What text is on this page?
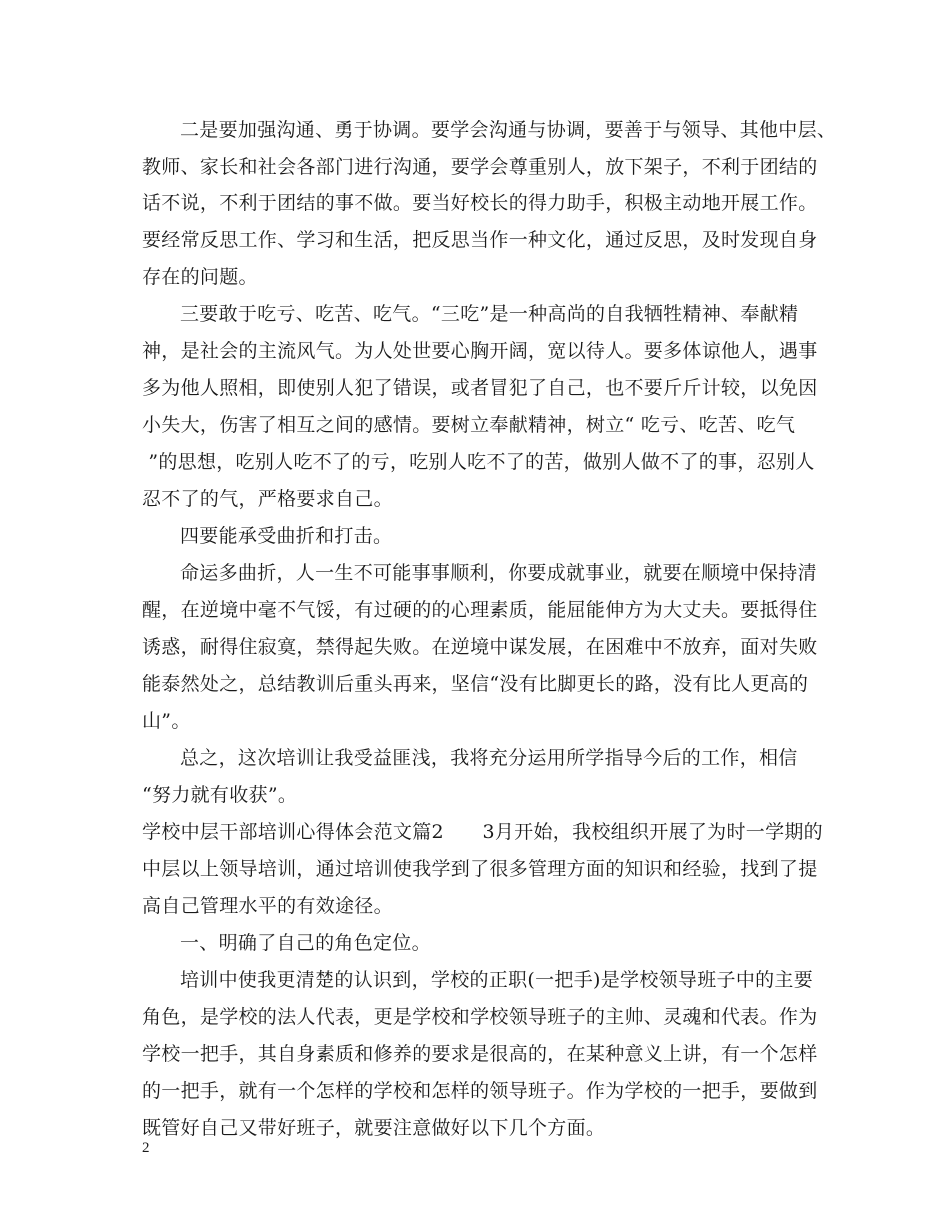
二是要加强沟通、勇于协调。要学会沟通与协调，要善于与领导、其他中层、
教师、家长和社会各部门进行沟通，要学会尊重别人，放下架子，不利于团结的
话不说，不利于团结的事不做。要当好校长的得力助手，积极主动地开展工作。
要经常反思工作、学习和生活，把反思当作一种文化，通过反思，及时发现自身
存在的问题。
三要敢于吃亏、吃苦、吃气。“三吃”是一种高尚的自我牺牲精神、奉献精
神，是社会的主流风气。为人处世要心胸开阔，宽以待人。要多体谅他人，遇事
多为他人照相，即使别人犯了错误，或者冒犯了自己，也不要斤斤计较，以免因
小失大，伤害了相互之间的感情。要树立奉献精神，树立“ 吃亏、吃苦、吃气
”的思想，吃别人吃不了的亏，吃别人吃不了的苦，做别人做不了的事，忍别人
忍不了的气，严格要求自己。
四要能承受曲折和打击。
命运多曲折，人一生不可能事事顺利，你要成就事业，就要在顺境中保持清
醒，在逆境中毫不气馁，有过硬的的心理素质，能屈能伸方为大丈夫。要抵得住
诱惑，耐得住寂寞，禁得起失败。在逆境中谋发展，在困难中不放弃，面对失败
能泰然处之，总结教训后重头再来，坚信“没有比脚更长的路，没有比人更高的
山”。
总之，这次培训让我受益匪浅，我将充分运用所学指导今后的工作，相信
“努力就有收获”。
学校中层干部培训心得体会范文篇2　　3月开始，我校组织开展了为时一学期的
中层以上领导培训，通过培训使我学到了很多管理方面的知识和经验，找到了提
高自己管理水平的有效途径。
一、明确了自己的角色定位。
培训中使我更清楚的认识到，学校的正职(一把手)是学校领导班子中的主要
角色，是学校的法人代表，更是学校和学校领导班子的主帅、灵魂和代表。作为
学校一把手，其自身素质和修养的要求是很高的，在某种意义上讲，有一个怎样
的一把手，就有一个怎样的学校和怎样的领导班子。作为学校的一把手，要做到
既管好自己又带好班子，就要注意做好以下几个方面。
2
